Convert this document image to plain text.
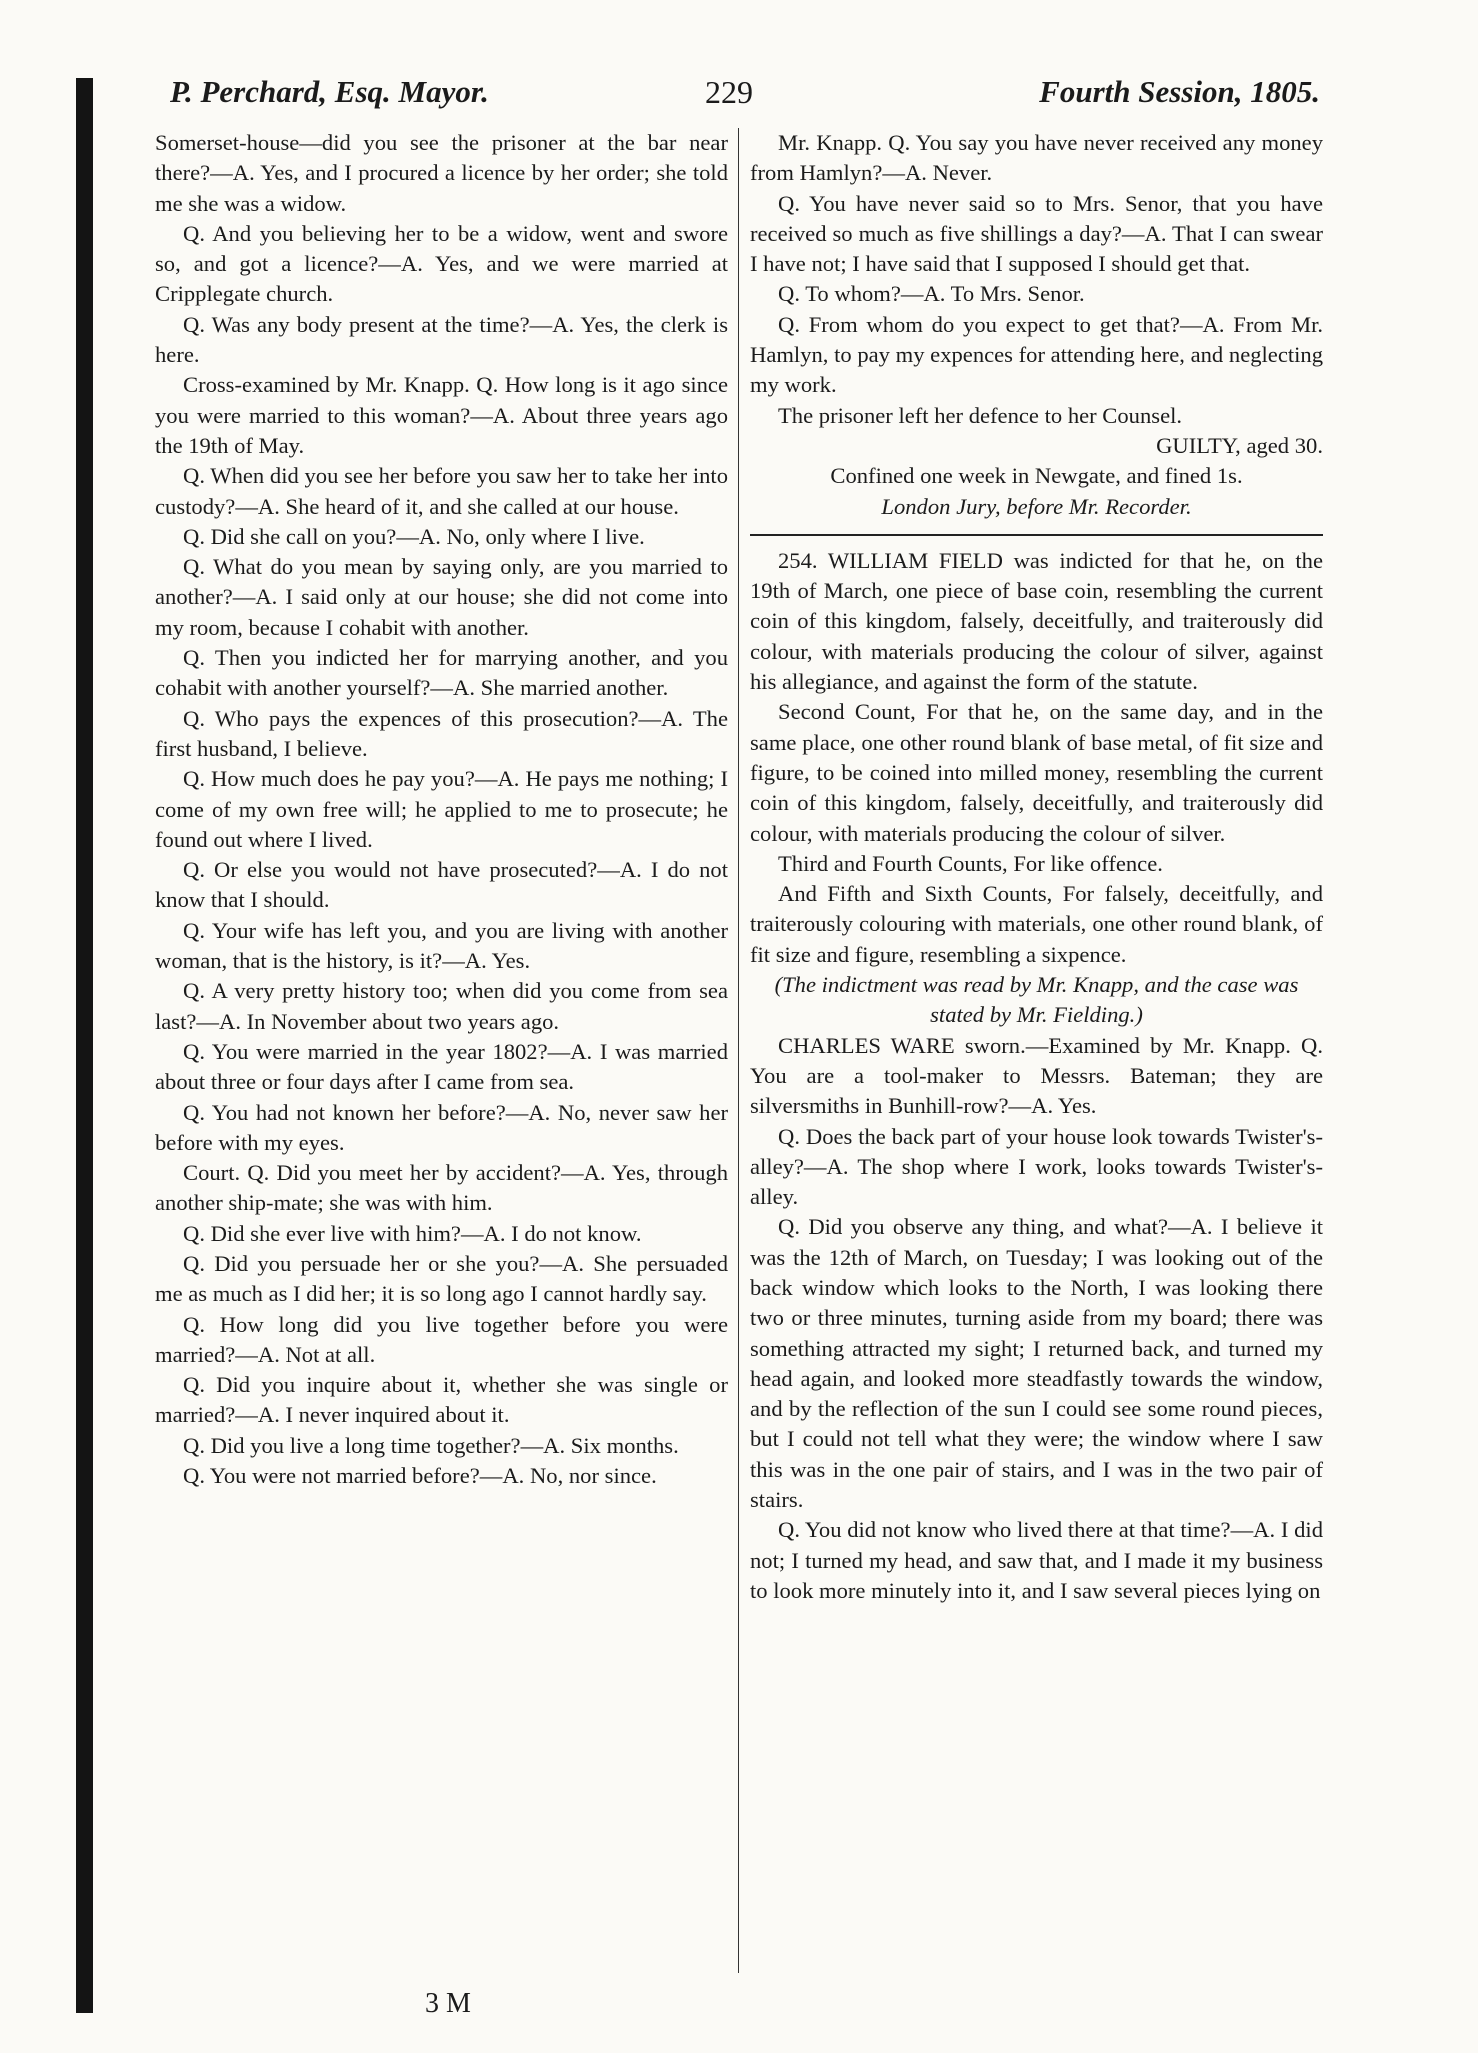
P. Perchard, Esq. Mayor.	229	Fourth Session, 1805.

Somerset-house—did you see the prisoner at the bar near there?—A. Yes, and I procured a licence by her order; she told me she was a widow.

Q. And you believing her to be a widow, went and swore so, and got a licence?—A. Yes, and we were married at Cripplegate church.

Q. Was any body present at the time?—A. Yes, the clerk is here.

Cross-examined by Mr. Knapp. Q. How long is it ago since you were married to this woman?—A. About three years ago the 19th of May.

Q. When did you see her before you saw her to take her into custody?—A. She heard of it, and she called at our house.

Q. Did she call on you?—A. No, only where I live.

Q. What do you mean by saying only, are you married to another?—A. I said only at our house; she did not come into my room, because I cohabit with another.

Q. Then you indicted her for marrying another, and you cohabit with another yourself?—A. She married another.

Q. Who pays the expences of this prosecution?—A. The first husband, I believe.

Q. How much does he pay you?—A. He pays me nothing; I come of my own free will; he applied to me to prosecute; he found out where I lived.

Q. Or else you would not have prosecuted?—A. I do not know that I should.

Q. Your wife has left you, and you are living with another woman, that is the history, is it?—A. Yes.

Q. A very pretty history too; when did you come from sea last?—A. In November about two years ago.

Q. You were married in the year 1802?—A. I was married about three or four days after I came from sea.

Q. You had not known her before?—A. No, never saw her before with my eyes.

Court. Q. Did you meet her by accident?—A. Yes, through another ship-mate; she was with him.

Q. Did she ever live with him?—A. I do not know.

Q. Did you persuade her or she you?—A. She persuaded me as much as I did her; it is so long ago I cannot hardly say.

Q. How long did you live together before you were married?—A. Not at all.

Q. Did you inquire about it, whether she was single or married?—A. I never inquired about it.

Q. Did you live a long time together?—A. Six months.

Q. You were not married before?—A. No, nor since.

3 M

Mr. Knapp. Q. You say you have never received any money from Hamlyn?—A. Never.

Q. You have never said so to Mrs. Senor, that you have received so much as five shillings a day?—A. That I can swear I have not; I have said that I supposed I should get that.

Q. To whom?—A. To Mrs. Senor.

Q. From whom do you expect to get that?—A. From Mr. Hamlyn, to pay my expences for attending here, and neglecting my work.

The prisoner left her defence to her Counsel.

GUILTY, aged 30.

Confined one week in Newgate, and fined 1s.

London Jury, before Mr. Recorder.

254. WILLIAM FIELD was indicted for that he, on the 19th of March, one piece of base coin, resembling the current coin of this kingdom, falsely, deceitfully, and traiterously did colour, with materials producing the colour of silver, against his allegiance, and against the form of the statute.

Second Count, For that he, on the same day, and in the same place, one other round blank of base metal, of fit size and figure, to be coined into milled money, resembling the current coin of this kingdom, falsely, deceitfully, and traiterously did colour, with materials producing the colour of silver.

Third and Fourth Counts, For like offence.

And Fifth and Sixth Counts, For falsely, deceitfully, and traiterously colouring with materials, one other round blank, of fit size and figure, resembling a sixpence.

(The indictment was read by Mr. Knapp, and the case was stated by Mr. Fielding.)

CHARLES WARE sworn.—Examined by Mr. Knapp. Q. You are a tool-maker to Messrs. Bateman; they are silversmiths in Bunhill-row?—A. Yes.

Q. Does the back part of your house look towards Twister's-alley?—A. The shop where I work, looks towards Twister's-alley.

Q. Did you observe any thing, and what?—A. I believe it was the 12th of March, on Tuesday; I was looking out of the back window which looks to the North, I was looking there two or three minutes, turning aside from my board; there was something attracted my sight; I returned back, and turned my head again, and looked more steadfastly towards the window, and by the reflection of the sun I could see some round pieces, but I could not tell what they were; the window where I saw this was in the one pair of stairs, and I was in the two pair of stairs.

Q. You did not know who lived there at that time?—A. I did not; I turned my head, and saw that, and I made it my business to look more minutely into it, and I saw several pieces lying on
